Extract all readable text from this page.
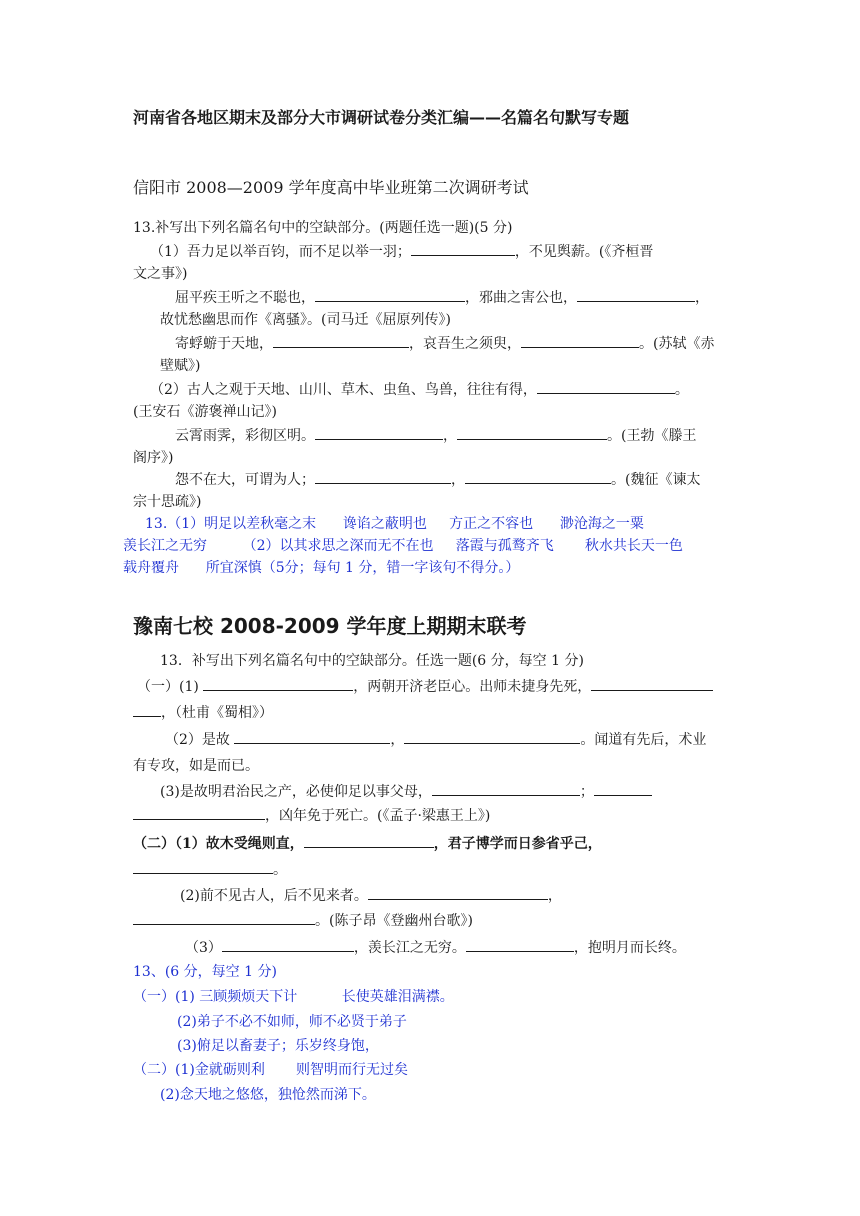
河南省各地区期末及部分大市调研试卷分类汇编——名篇名句默写专题
信阳市 2008—2009 学年度高中毕业班第二次调研考试
13.补写出下列名篇名句中的空缺部分。(两题任选一题)(5 分)
（1）吾力足以举百钧，而不足以举一羽；	，不见舆薪。(《齐桓晋
文之事》)
屈平疾王听之不聪也，	，邪曲之害公也，	，
故忧愁幽思而作《离骚》。(司马迁《屈原列传》)
寄蜉蝣于天地，	，哀吾生之须臾，	。(苏轼《赤
壁赋》)
（2）古人之观于天地、山川、草木、虫鱼、鸟兽，往往有得，	。
(王安石《游褒禅山记》)
云霄雨霁，彩彻区明。	，	。(王勃《滕王
阁序》)
怨不在大，可谓为人；	，	。(魏征《谏太
宗十思疏》)
13.（1）明足以差秋毫之末      谗谄之蔽明也     方正之不容也      渺沧海之一粟
羡长江之无穷        （2）以其求思之深而无不在也     落霞与孤鹜齐飞       秋水共长天一色
载舟覆舟      所宜深慎（5分；每句 1 分，错一字该句不得分。）
豫南七校 2008-2009 学年度上期期末联考
13．补写出下列名篇名句中的空缺部分。任选一题(6 分，每空 1 分)
（一）(1)	，两朝开济老臣心。出师未捷身先死，
，（杜甫《蜀相》）
（2）是故	，	。闻道有先后，术业
有专攻，如是而已。
(3)是故明君治民之产，必使仰足以事父母，	；
，凶年免于死亡。(《孟子·梁惠王上》)
（二）（1）故木受绳则直，	，君子博学而日参省乎己，
。
(2)前不见古人，后不见来者。	，
。(陈子昂《登幽州台歌》)
（3）	，羡长江之无穷。	，抱明月而长终。
13、(6 分，每空 1 分)
（一）(1) 三顾频烦天下计          长使英雄泪满襟。
(2)弟子不必不如师，师不必贤于弟子
(3)俯足以畜妻子；乐岁终身饱，
（二）(1)金就砺则利       则智明而行无过矣
(2)念天地之悠悠，独怆然而涕下。
